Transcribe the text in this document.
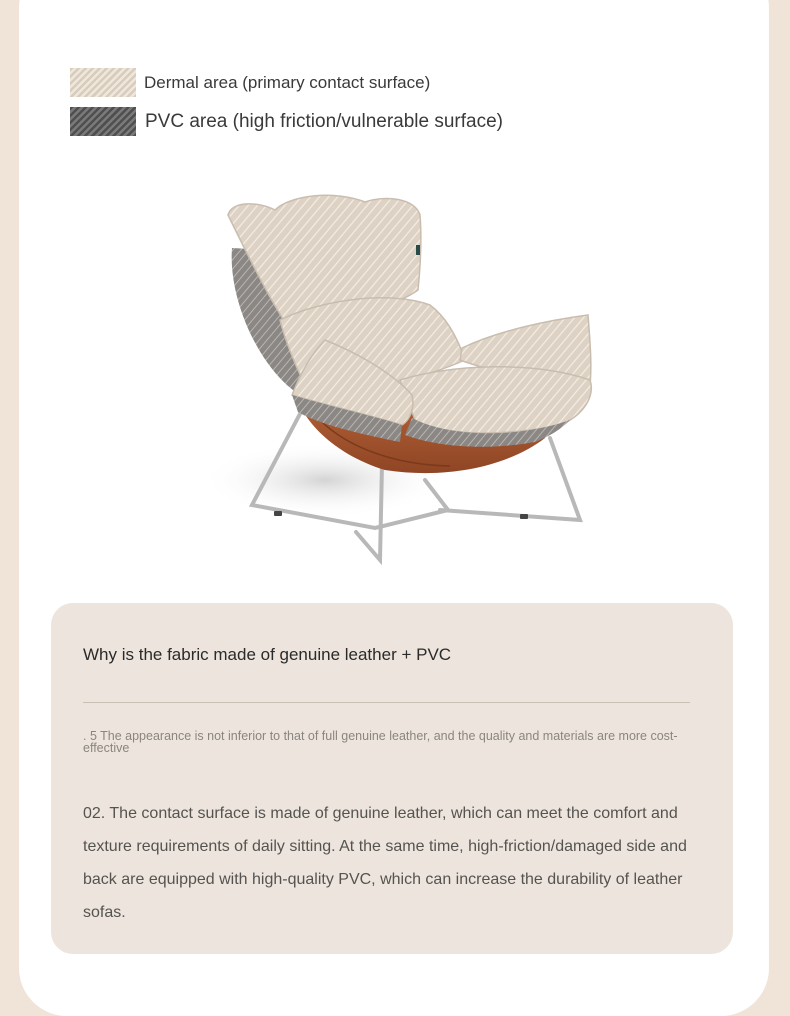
Dermal area (primary contact surface)
PVC area (high friction/vulnerable surface)
Why is the fabric made of genuine leather + PVC
. 5 The appearance is not inferior to that of full genuine leather, and the quality and materials are more cost-effective
02. The contact surface is made of genuine leather, which can meet the comfort and texture requirements of daily sitting. At the same time, high-friction/damaged side and back are equipped with high-quality PVC, which can increase the durability of leather sofas.
